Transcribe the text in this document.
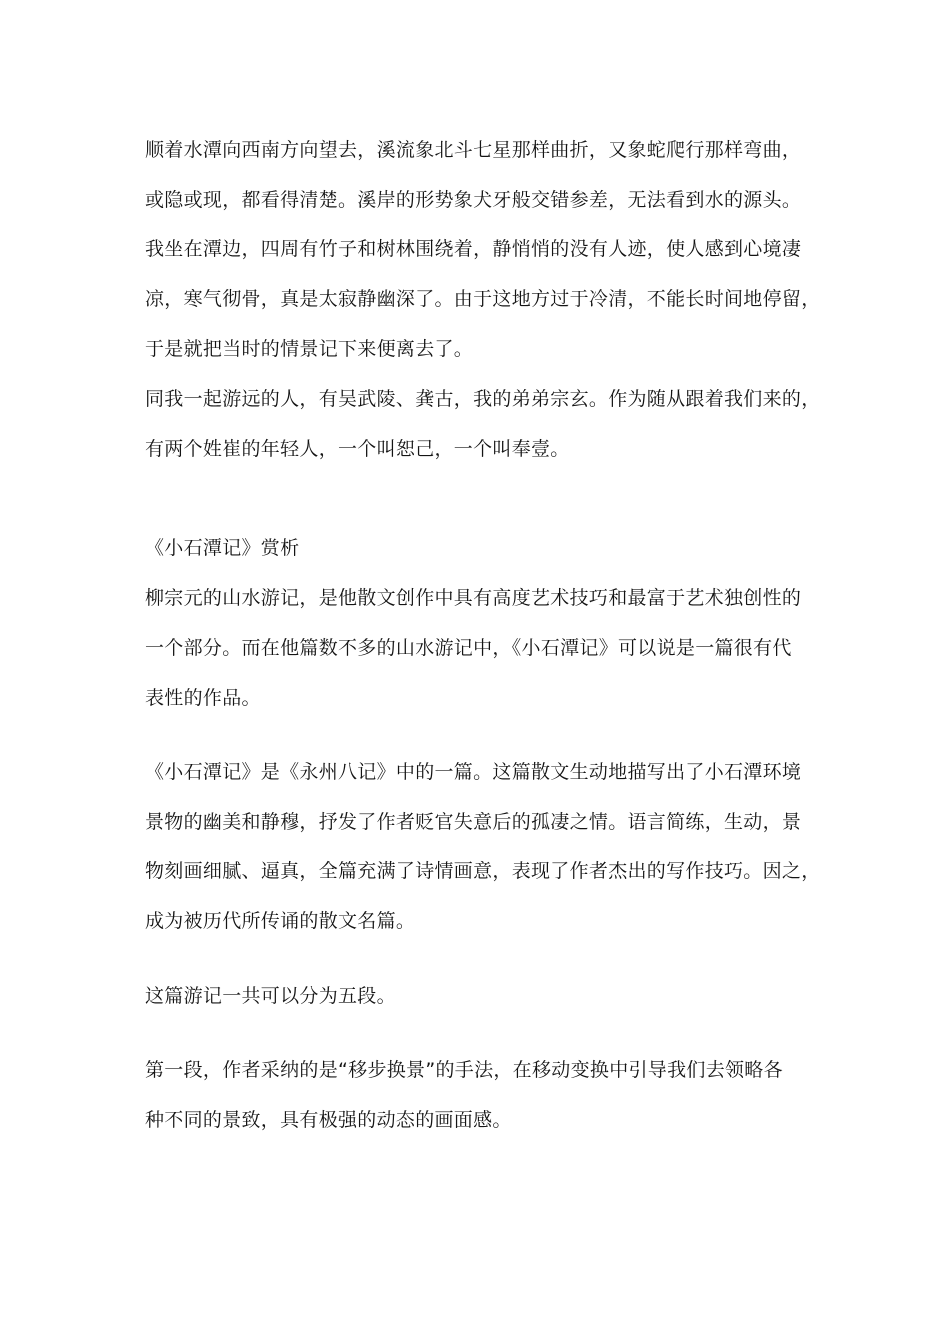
顺着水潭向西南方向望去，溪流象北斗七星那样曲折，又象蛇爬行那样弯曲，
或隐或现，都看得清楚。溪岸的形势象犬牙般交错参差，无法看到水的源头。
我坐在潭边，四周有竹子和树林围绕着，静悄悄的没有人迹，使人感到心境凄
凉，寒气彻骨，真是太寂静幽深了。由于这地方过于冷清，不能长时间地停留，
于是就把当时的情景记下来便离去了。
同我一起游远的人，有吴武陵、龚古，我的弟弟宗玄。作为随从跟着我们来的，
有两个姓崔的年轻人，一个叫恕己，一个叫奉壹。
《小石潭记》赏析
柳宗元的山水游记，是他散文创作中具有高度艺术技巧和最富于艺术独创性的
一个部分。而在他篇数不多的山水游记中，《小石潭记》可以说是一篇很有代
表性的作品。
《小石潭记》是《永州八记》中的一篇。这篇散文生动地描写出了小石潭环境
景物的幽美和静穆，抒发了作者贬官失意后的孤凄之情。语言简练，生动，景
物刻画细腻、逼真，全篇充满了诗情画意，表现了作者杰出的写作技巧。因之，
成为被历代所传诵的散文名篇。
这篇游记一共可以分为五段。
第一段，作者采纳的是“移步换景”的手法，在移动变换中引导我们去领略各
种不同的景致，具有极强的动态的画面感。
